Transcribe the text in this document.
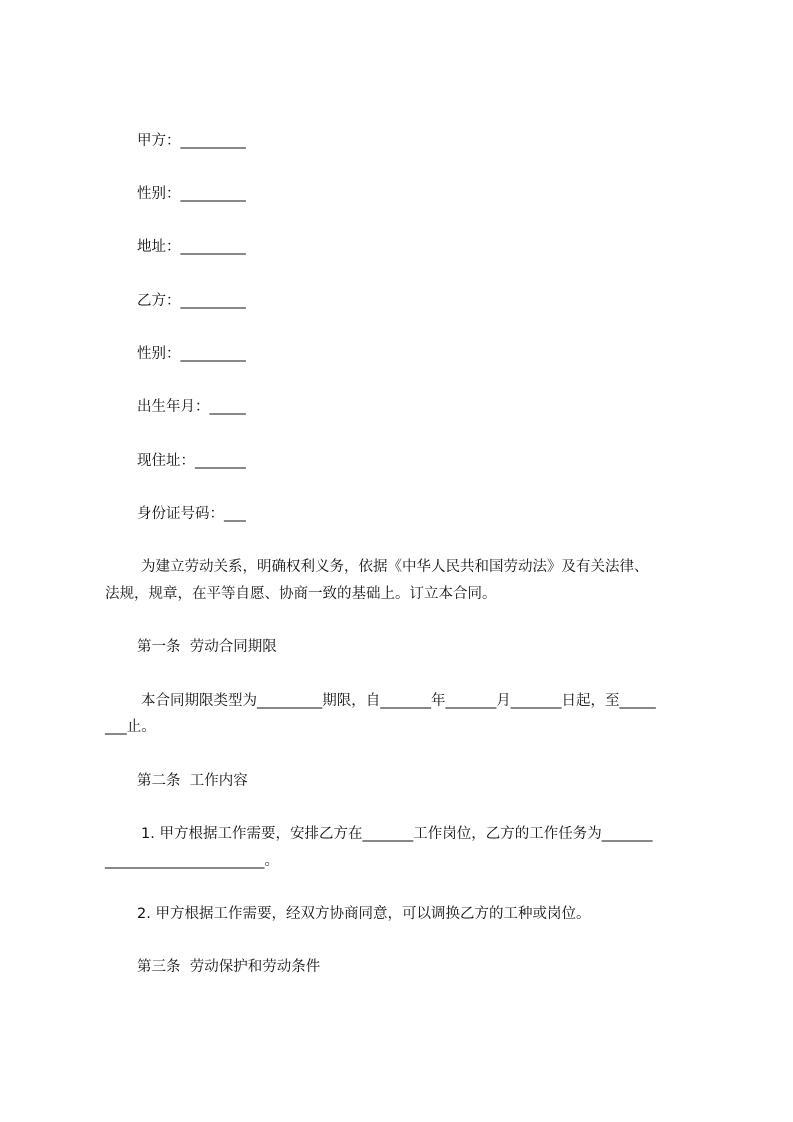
甲方：_________
性别：_________
地址：_________
乙方：_________
性别：_________
出生年月：_____
现住址：_______
身份证号码：___
为建立劳动关系，明确权利义务，依据《中华人民共和国劳动法》及有关法律、
法规，规章，在平等自愿、协商一致的基础上。订立本合同。
第一条  劳动合同期限
本合同期限类型为_________期限，自_______年_______月_______日起，至_____
___止。
第二条  工作内容
1. 甲方根据工作需要，安排乙方在_______工作岗位，乙方的工作任务为_______
______________________。
2. 甲方根据工作需要，经双方协商同意，可以调换乙方的工种或岗位。
第三条  劳动保护和劳动条件
